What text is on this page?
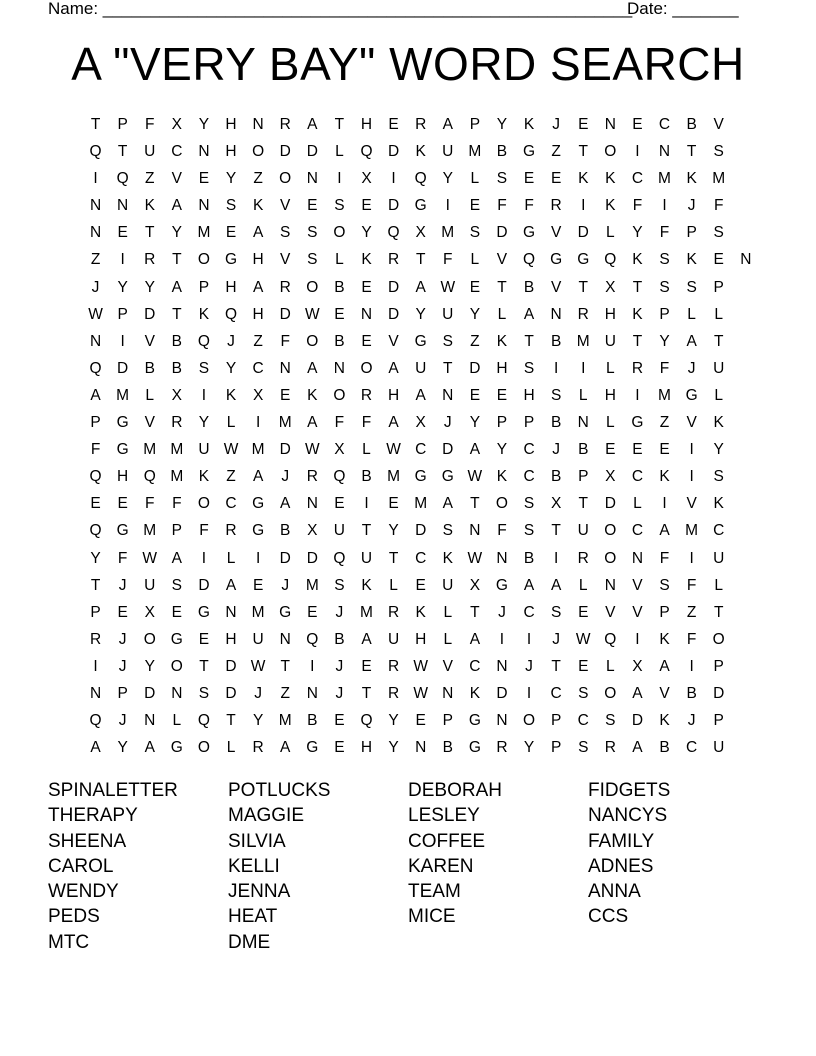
Name: ________________________________________________________

Date: _______

A "VERY BAY" WORD SEARCH
T	P	F	X	Y	H	N	R	A	T	H	E	R	A	P	Y	K	J	E	N	E	C	B	V
Q	T	U	C	N	H O D	D	L	Q D	K	U M B	G	Z	T	O	I	N	T	S
I	Q	Z	V	E	Y	Z	O N	I	X	I	Q	Y	L	S	E	E	K	K	C M K M
N	N	K	A	N	S	K	V	E	S	E	D G	I	E	F	F	R	I	K	F	I	J	F
N	E	T	Y M E	A	S	S	O	Y	Q	X M S	D G	V	D	L	Y	F	P	S
Z	I	R	T	O G H	V	S	L	K	R	T	F	L	V	Q G G Q	K	S	K	E	N
J	Y	Y	A	P	H	A	R O	B	E	D	A W E	T	B	V	T	X	T	S	S	P
W P	D	T	K	Q H	D W E	N	D	Y	U	Y	L	A	N	R	H	K	P	L	L
N	I	V	B	Q	J	Z	F	O	B	E	V	G	S	Z	K	T	B M U	T	Y	A	T
Q D	B	B	S	Y	C	N	A	N O	A	U	T	D	H	S	I	I	L	R	F	J	U
A M	L	X	I	K	X	E	K	O R	H	A	N	E	E	H	S	L	H	I	M G	L
P	G	V	R	Y	L	I	M A	F	F	A	X	J	Y	P	P	B	N	L	G	Z	V	K
F	G M M U W M D W X	L W C	D	A	Y	C	J	B	E	E	E	I	Y
Q H Q M K	Z	A	J	R Q	B M G G W K	C	B	P	X	C	K	I	S
E	E	F	F	O C G	A	N	E	I	E M A	T	O	S	X	T	D	L	I	V	K
Q G M P	F	R G	B	X	U	T	Y	D	S	N	F	S	T	U O C	A M C
Y	F W A	I	L	I	D	D Q U	T	C	K W N	B	I	R O N	F	I	U
T	J	U	S	D	A	E	J	M S	K	L	E	U	X	G	A	A	L	N	V	S	F	L
P	E	X	E	G N M G	E	J	M R	K	L	T	J	C	S	E	V	V	P	Z	T
R	J	O G	E	H	U	N Q	B	A	U	H	L	A	I	I	J	W Q	I	K	F	O
I	J	Y	O	T	D W T	I	J	E	R W V	C	N	J	T	E	L	X	A	I	P
N	P	D	N	S	D	J	Z	N	J	T	R W N	K	D	I	C	S	O	A	V	B	D
Q	J	N	L	Q	T	Y M B	E	Q	Y	E	P	G N O	P	C	S	D	K	J	P
A	Y	A	G O	L	R	A	G	E	H	Y	N	B	G R	Y	P	S	R	A	B	C	U
SPINALETTER
THERAPY
SHEENA
CAROL
WENDY
PEDS
MTC
POTLUCKS
MAGGIE
SILVIA
KELLI
JENNA
HEAT
DME
DEBORAH
LESLEY
COFFEE
KAREN
TEAM
MICE
FIDGETS
NANCYS
FAMILY
ADNES
ANNA
CCS
